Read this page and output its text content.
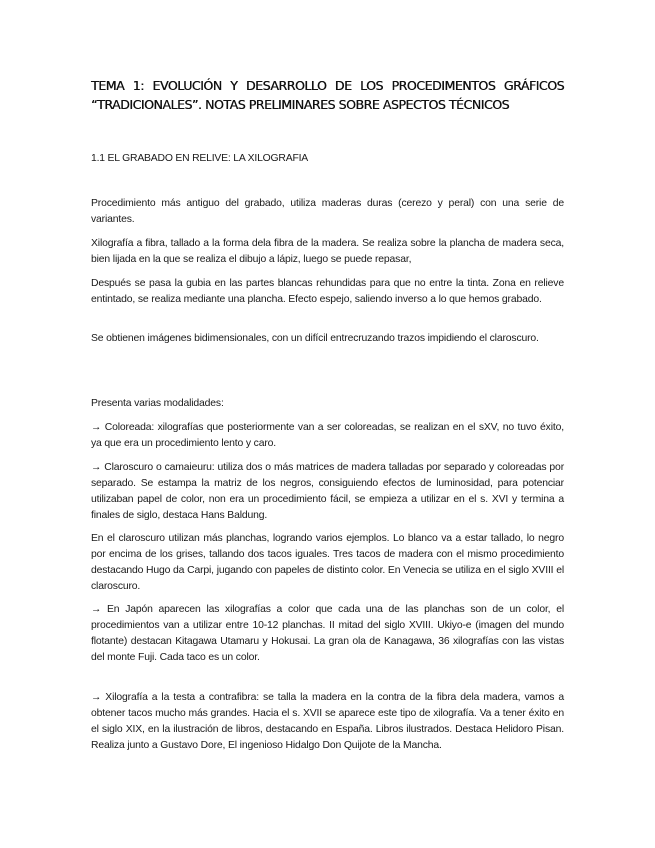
TEMA 1: EVOLUCIÓN Y DESARROLLO DE LOS PROCEDIMENTOS GRÁFICOS

“TRADICIONALES”. NOTAS PRELIMINARES SOBRE ASPECTOS TÉCNICOS

1.1 EL GRABADO EN RELIVE: LA XILOGRAFIA

Procedimiento más antiguo del grabado, utiliza maderas duras (cerezo y peral) con una serie de variantes.

Xilografía a fibra, tallado a la forma dela fibra de la madera. Se realiza sobre la plancha de madera seca, bien lijada en la que se realiza el dibujo a lápiz, luego se puede repasar,

Después se pasa la gubia en las partes blancas rehundidas para que no entre la tinta. Zona en relieve entintado, se realiza mediante una plancha. Efecto espejo, saliendo inverso a lo que hemos grabado.

Se obtienen imágenes bidimensionales, con un difícil entrecruzando trazos impidiendo el claroscuro.

Presenta varias modalidades:

→ Coloreada: xilografías que posteriormente van a ser coloreadas, se realizan en el sXV, no tuvo éxito, ya que era un procedimiento lento y caro.

→ Claroscuro o camaieuru: utiliza dos o más matrices de madera talladas por separado y coloreadas por separado. Se estampa la matriz de los negros, consiguiendo efectos de luminosidad, para potenciar utilizaban papel de color, non era un procedimiento fácil, se empieza a utilizar en el s. XVI y termina a finales de siglo, destaca Hans Baldung.

En el claroscuro utilizan más planchas, logrando varios ejemplos. Lo blanco va a estar tallado, lo negro por encima de los grises, tallando dos tacos iguales. Tres tacos de madera con el mismo procedimiento destacando Hugo da Carpi, jugando con papeles de distinto color. En Venecia se utiliza en el siglo XVIII el claroscuro.

→ En Japón aparecen las xilografías a color que cada una de las planchas son de un color, el procedimientos van a utilizar entre 10-12 planchas. II mitad del siglo XVIII. Ukiyo-e (imagen del mundo flotante) destacan Kitagawa Utamaru y Hokusai. La gran ola de Kanagawa, 36 xilografías con las vistas del monte Fuji. Cada taco es un color.

→ Xilografía a la testa a contrafibra: se talla la madera en la contra de la fibra dela madera, vamos a obtener tacos mucho más grandes. Hacia el s. XVII se aparece este tipo de xilografía. Va a tener éxito en el siglo XIX, en la ilustración de libros, destacando en España. Libros ilustrados. Destaca Helidoro Pisan. Realiza junto a Gustavo Dore, El ingenioso Hidalgo Don Quijote de la Mancha.
